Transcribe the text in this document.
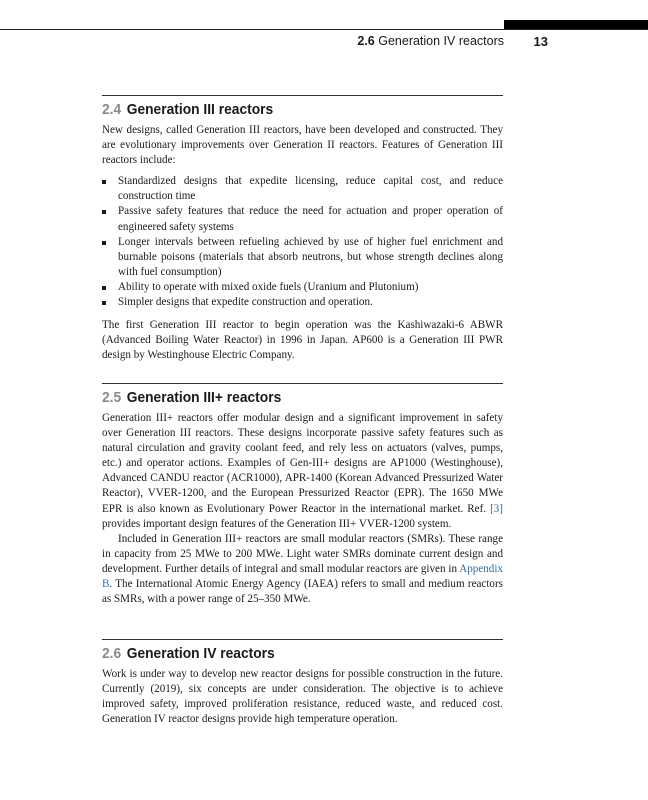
2.6 Generation IV reactors 13
2.4 Generation III reactors

New designs, called Generation III reactors, have been developed and constructed. They are evolutionary improvements over Generation II reactors. Features of Generation III reactors include:

Standardized designs that expedite licensing, reduce capital cost, and reduce construction time
Passive safety features that reduce the need for actuation and proper operation of engineered safety systems
Longer intervals between refueling achieved by use of higher fuel enrichment and burnable poisons (materials that absorb neutrons, but whose strength declines along with fuel consumption)
Ability to operate with mixed oxide fuels (Uranium and Plutonium)
Simpler designs that expedite construction and operation.

The first Generation III reactor to begin operation was the Kashiwazaki-6 ABWR (Advanced Boiling Water Reactor) in 1996 in Japan. AP600 is a Generation III PWR design by Westinghouse Electric Company.

2.5 Generation III+ reactors

Generation III+ reactors offer modular design and a significant improvement in safety over Generation III reactors. These designs incorporate passive safety features such as natural circulation and gravity coolant feed, and rely less on actuators (valves, pumps, etc.) and operator actions. Examples of Gen-III+ designs are AP1000 (Westinghouse), Advanced CANDU reactor (ACR1000), APR-1400 (Korean Advanced Pressurized Water Reactor), VVER-1200, and the European Pressurized Reactor (EPR). The 1650 MWe EPR is also known as Evolutionary Power Reactor in the international market. Ref. [3] provides important design features of the Generation III+ VVER-1200 system.

Included in Generation III+ reactors are small modular reactors (SMRs). These range in capacity from 25 MWe to 200 MWe. Light water SMRs dominate current design and development. Further details of integral and small modular reactors are given in Appendix B. The International Atomic Energy Agency (IAEA) refers to small and medium reactors as SMRs, with a power range of 25–350 MWe.

2.6 Generation IV reactors

Work is under way to develop new reactor designs for possible construction in the future. Currently (2019), six concepts are under consideration. The objective is to achieve improved safety, improved proliferation resistance, reduced waste, and reduced cost. Generation IV reactor designs provide high temperature operation.
